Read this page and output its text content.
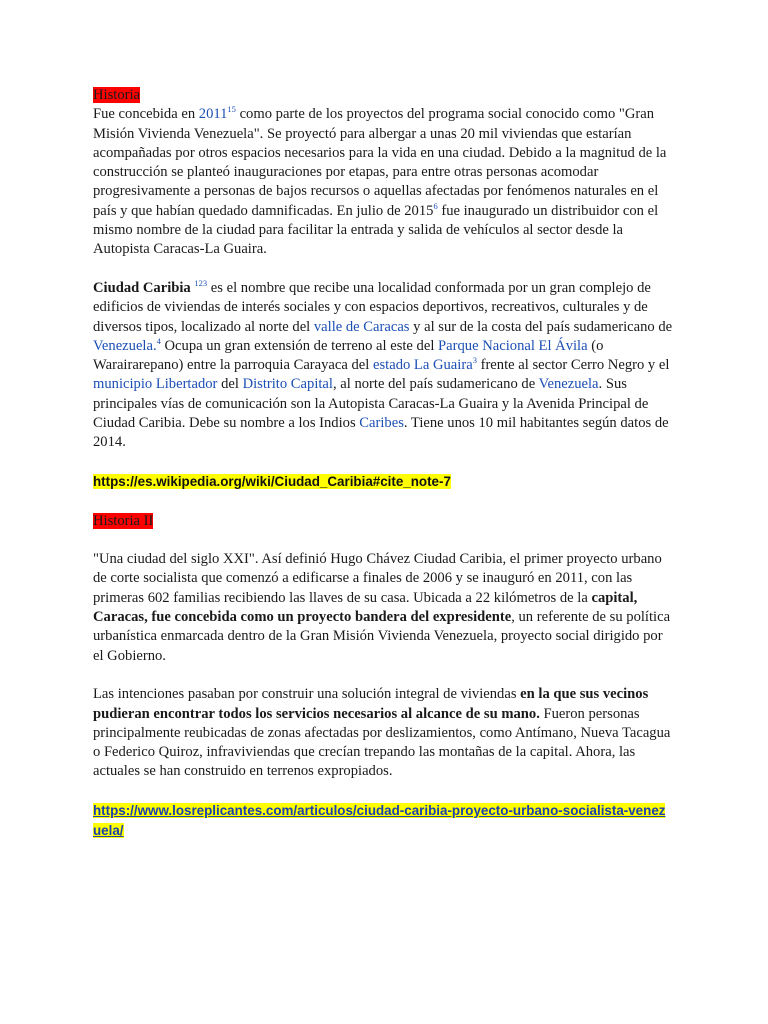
Historia

Fue concebida en 2011$^{15}$ como parte de los proyectos del programa social conocido como "Gran Misión Vivienda Venezuela". Se proyectó para albergar a unas 20 mil viviendas que estarían acompañadas por otros espacios necesarios para la vida en una ciudad. Debido a la magnitud de la construcción se planteó inauguraciones por etapas, para entre otras personas acomodar progresivamente a personas de bajos recursos o aquellas afectadas por fenómenos naturales en el país y que habían quedado damnificadas. En julio de 2015$^6$ fue inaugurado un distribuidor con el mismo nombre de la ciudad para facilitar la entrada y salida de vehículos al sector desde la Autopista Caracas-La Guaira.

Ciudad Caribia $^{123}$ es el nombre que recibe una localidad conformada por un gran complejo de edificios de viviendas de interés sociales y con espacios deportivos, recreativos, culturales y de diversos tipos, localizado al norte del valle de Caracas y al sur de la costa del país sudamericano de Venezuela.$^4$ Ocupa un gran extensión de terreno al este del Parque Nacional El Ávila (o Warairarepano) entre la parroquia Carayaca del estado La Guaira$^3$ frente al sector Cerro Negro y el municipio Libertador del Distrito Capital, al norte del país sudamericano de Venezuela. Sus principales vías de comunicación son la Autopista Caracas-La Guaira y la Avenida Principal de Ciudad Caribia. Debe su nombre a los Indios Caribes. Tiene unos 10 mil habitantes según datos de 2014.

https://es.wikipedia.org/wiki/Ciudad_Caribia#cite_note-7

Historia II

"Una ciudad del siglo XXI". Así definió Hugo Chávez Ciudad Caribia, el primer proyecto urbano de corte socialista que comenzó a edificarse a finales de 2006 y se inauguró en 2011, con las primeras 602 familias recibiendo las llaves de su casa. Ubicada a 22 kilómetros de la capital, Caracas, fue concebida como un proyecto bandera del expresidente, un referente de su política urbanística enmarcada dentro de la Gran Misión Vivienda Venezuela, proyecto social dirigido por el Gobierno.

Las intenciones pasaban por construir una solución integral de viviendas en la que sus vecinos pudieran encontrar todos los servicios necesarios al alcance de su mano. Fueron personas principalmente reubicadas de zonas afectadas por deslizamientos, como Antímano, Nueva Tacagua o Federico Quiroz, infraviviendas que crecían trepando las montañas de la capital. Ahora, las actuales se han construido en terrenos expropiados.

https://www.losreplicantes.com/articulos/ciudad-caribia-proyecto-urbano-socialista-venezuela/
